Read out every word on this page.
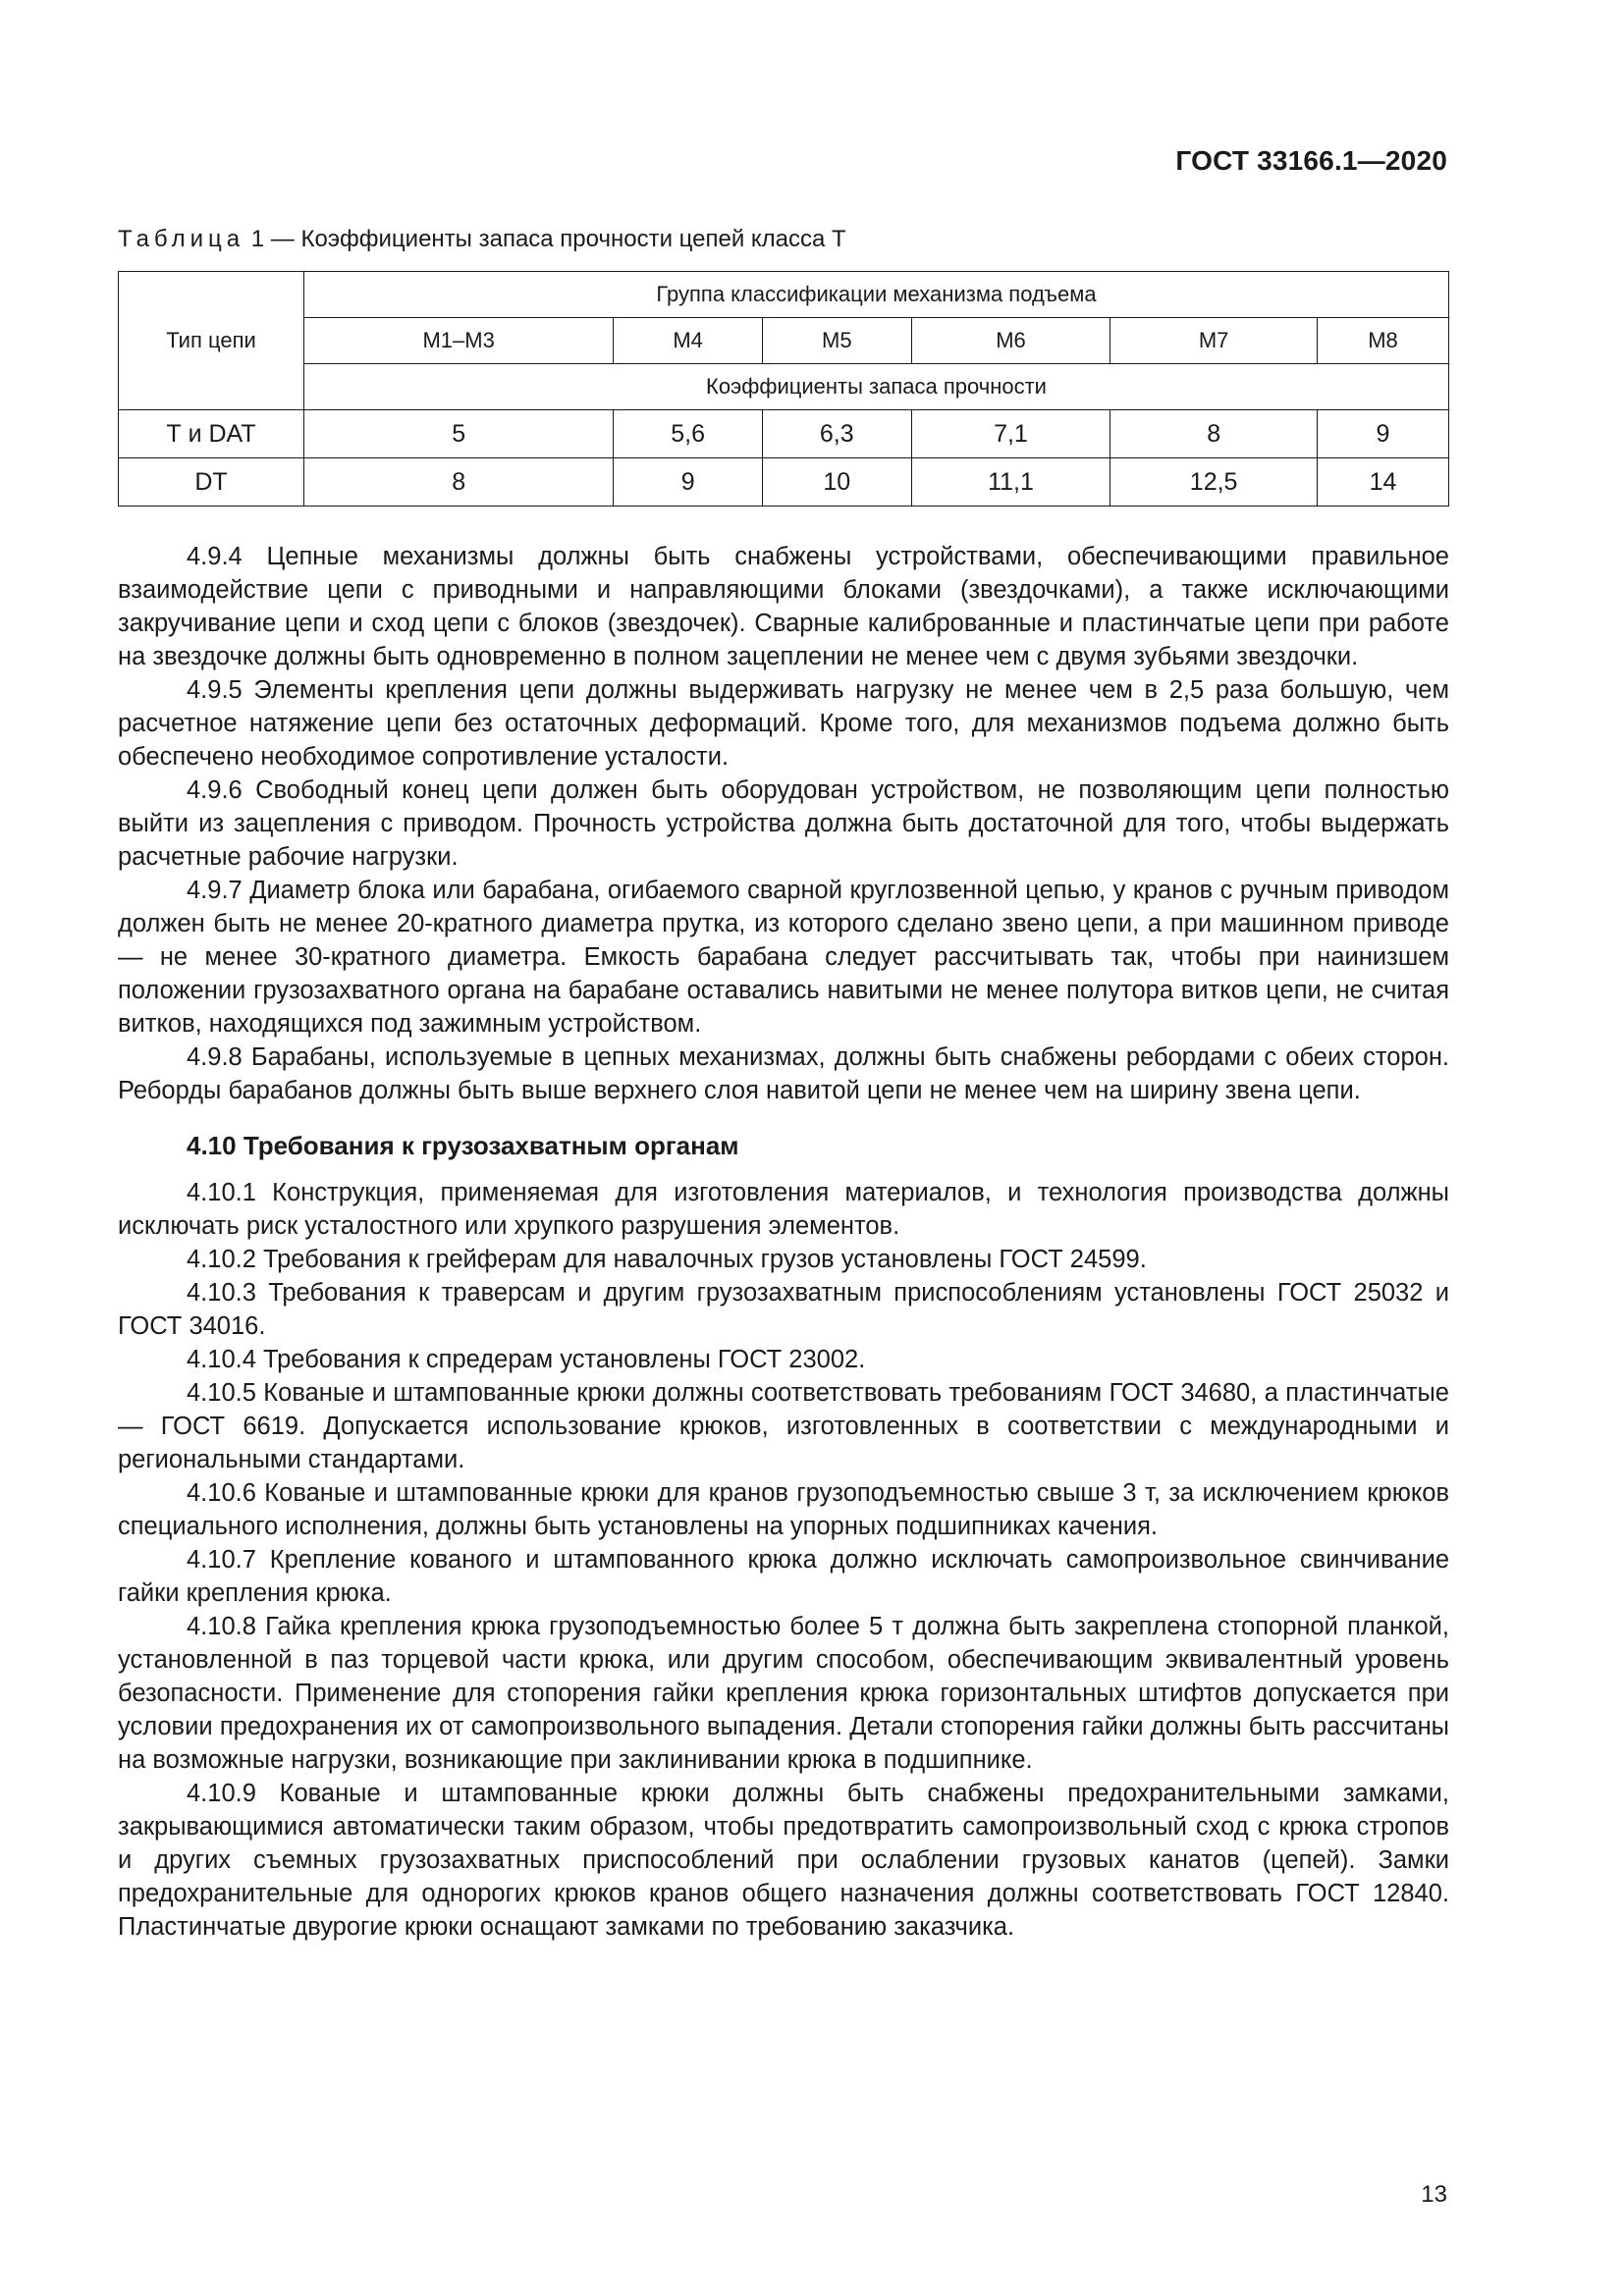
ГОСТ 33166.1—2020
Таблица 1 — Коэффициенты запаса прочности цепей класса Т
Тип цепи	Группа классификации механизма подъема					
	M1–M3	M4	M5	M6	M7	M8
	Коэффициенты запаса прочности					
Т и DAT	5	5,6	6,3	7,1	8	9
DT	8	9	10	11,1	12,5	14

4.9.4 Цепные механизмы должны быть снабжены устройствами, обеспечивающими правильное взаимодействие цепи с приводными и направляющими блоками (звездочками), а также исключающими закручивание цепи и сход цепи с блоков (звездочек). Сварные калиброванные и пластинчатые цепи при работе на звездочке должны быть одновременно в полном зацеплении не менее чем с двумя зубьями звездочки.

4.9.5 Элементы крепления цепи должны выдерживать нагрузку не менее чем в 2,5 раза большую, чем расчетное натяжение цепи без остаточных деформаций. Кроме того, для механизмов подъема должно быть обеспечено необходимое сопротивление усталости.

4.9.6 Свободный конец цепи должен быть оборудован устройством, не позволяющим цепи полностью выйти из зацепления с приводом. Прочность устройства должна быть достаточной для того, чтобы выдержать расчетные рабочие нагрузки.

4.9.7 Диаметр блока или барабана, огибаемого сварной круглозвенной цепью, у кранов с ручным приводом должен быть не менее 20-кратного диаметра прутка, из которого сделано звено цепи, а при машинном приводе — не менее 30-кратного диаметра. Емкость барабана следует рассчитывать так, чтобы при наинизшем положении грузозахватного органа на барабане оставались навитыми не менее полутора витков цепи, не считая витков, находящихся под зажимным устройством.

4.9.8 Барабаны, используемые в цепных механизмах, должны быть снабжены ребордами с обеих сторон. Реборды барабанов должны быть выше верхнего слоя навитой цепи не менее чем на ширину звена цепи.

4.10 Требования к грузозахватным органам

4.10.1 Конструкция, применяемая для изготовления материалов, и технология производства должны исключать риск усталостного или хрупкого разрушения элементов.

4.10.2 Требования к грейферам для навалочных грузов установлены ГОСТ 24599.

4.10.3 Требования к траверсам и другим грузозахватным приспособлениям установлены ГОСТ 25032 и ГОСТ 34016.

4.10.4 Требования к спредерам установлены ГОСТ 23002.

4.10.5 Кованые и штампованные крюки должны соответствовать требованиям ГОСТ 34680, а пластинчатые — ГОСТ 6619. Допускается использование крюков, изготовленных в соответствии с международными и региональными стандартами.

4.10.6 Кованые и штампованные крюки для кранов грузоподъемностью свыше 3 т, за исключением крюков специального исполнения, должны быть установлены на упорных подшипниках качения.

4.10.7 Крепление кованого и штампованного крюка должно исключать самопроизвольное свинчивание гайки крепления крюка.

4.10.8 Гайка крепления крюка грузоподъемностью более 5 т должна быть закреплена стопорной планкой, установленной в паз торцевой части крюка, или другим способом, обеспечивающим эквивалентный уровень безопасности. Применение для стопорения гайки крепления крюка горизонтальных штифтов допускается при условии предохранения их от самопроизвольного выпадения. Детали стопорения гайки должны быть рассчитаны на возможные нагрузки, возникающие при заклинивании крюка в подшипнике.

4.10.9 Кованые и штампованные крюки должны быть снабжены предохранительными замками, закрывающимися автоматически таким образом, чтобы предотвратить самопроизвольный сход с крюка стропов и других съемных грузозахватных приспособлений при ослаблении грузовых канатов (цепей). Замки предохранительные для однорогих крюков кранов общего назначения должны соответствовать ГОСТ 12840. Пластинчатые двурогие крюки оснащают замками по требованию заказчика.

13
